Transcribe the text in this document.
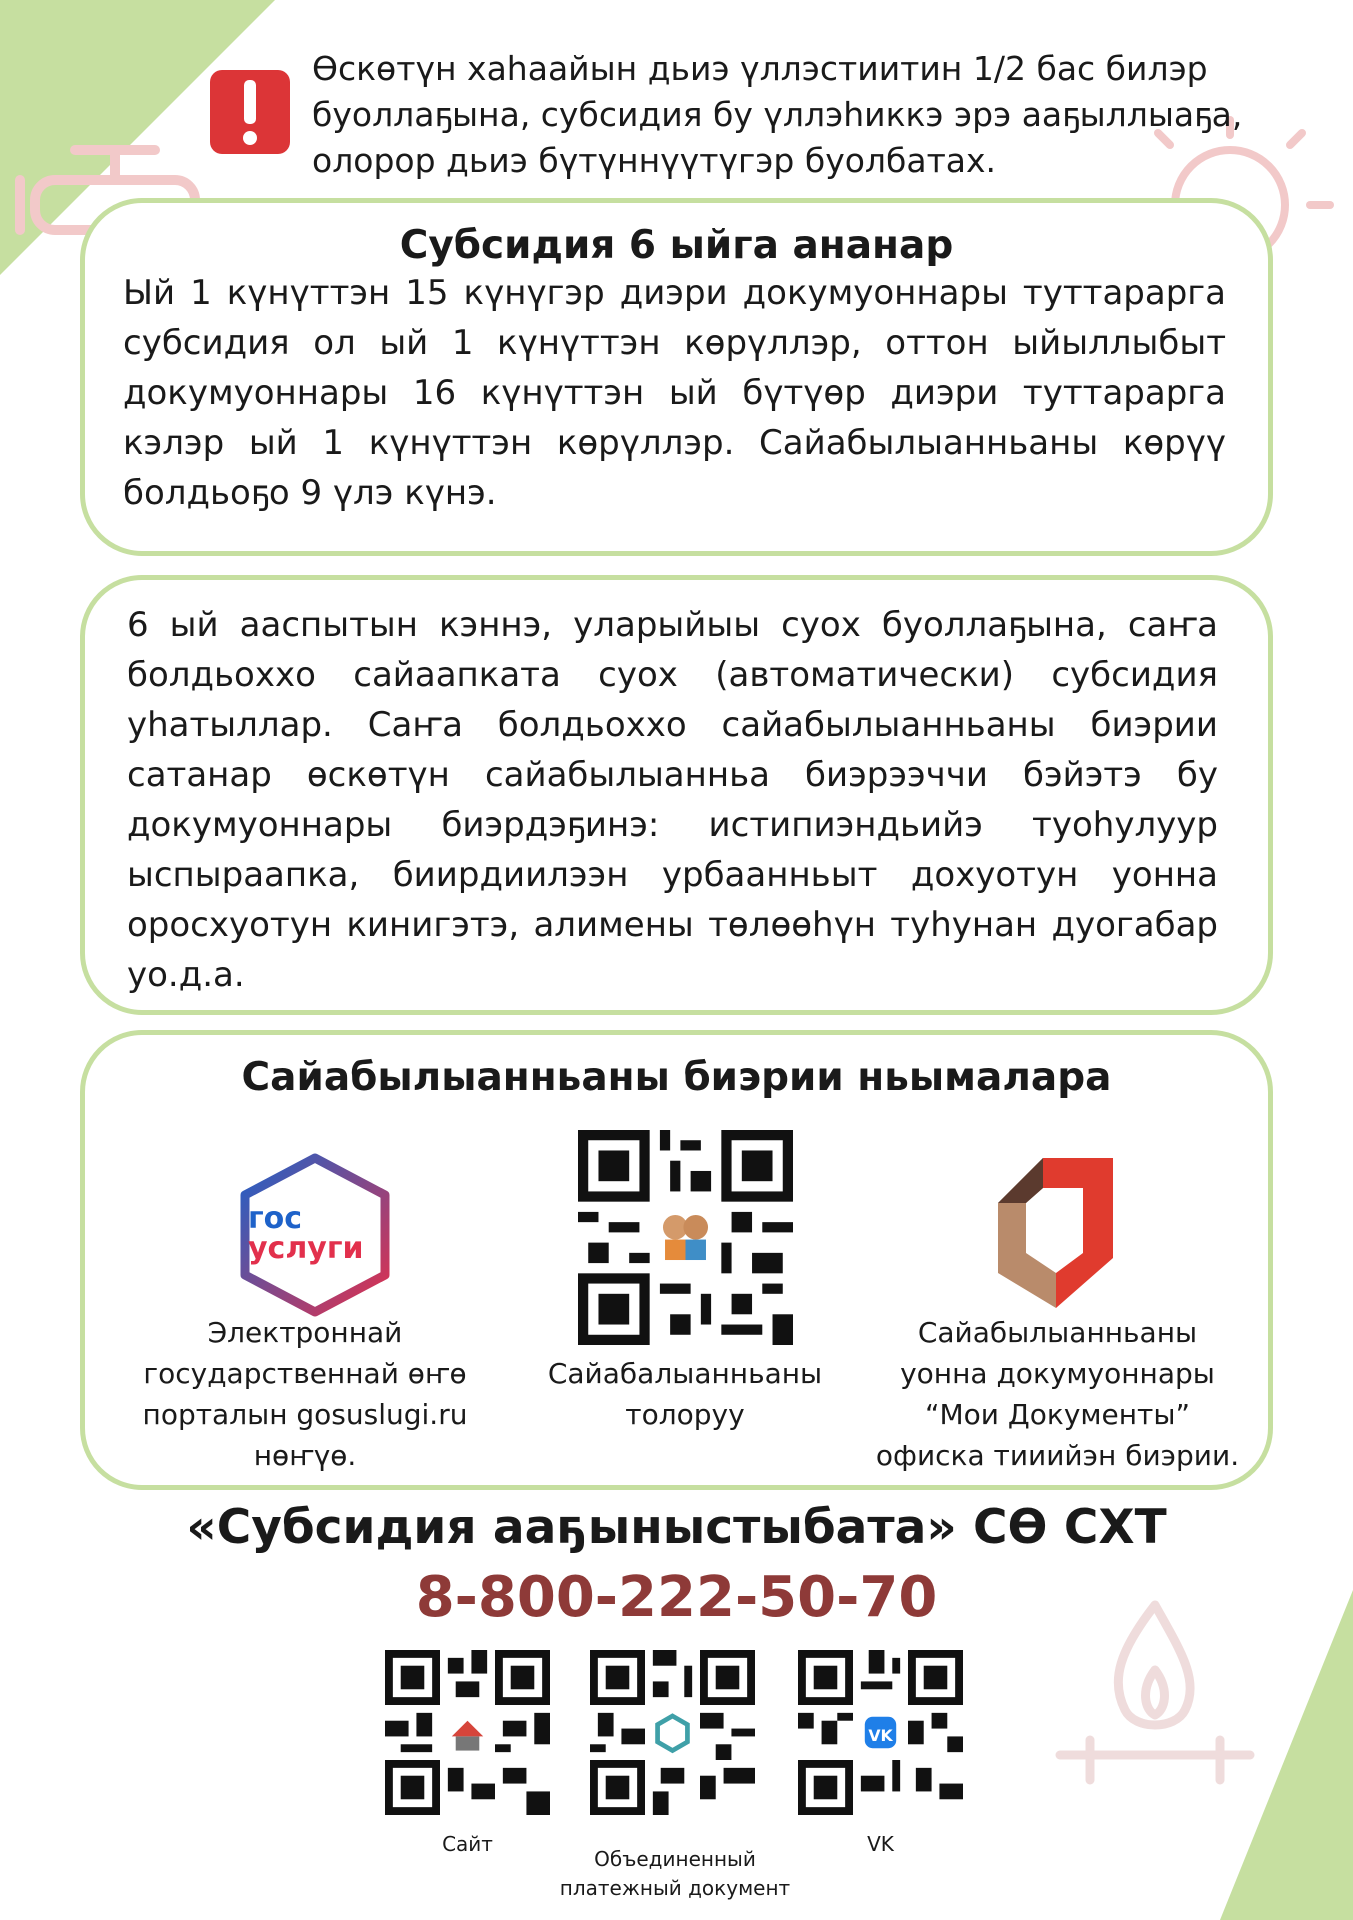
Өскөтүн хаһаайын дьиэ үллэстиитин 1/2 бас билэр буоллаҕына, субсидия бу үллэһиккэ эрэ ааҕыллыаҕа, олорор дьиэ бүтүннүүтүгэр буолбатах.
Субсидия 6 ыйга ананар
Ый 1 күнүттэн 15 күнүгэр диэри докумуоннары туттарарга субсидия ол ый 1 күнүттэн көрүллэр, оттон ыйыллыбыт докумуоннары 16 күнүттэн ый бүтүөр диэри туттарарга кэлэр ый 1 күнүттэн көрүллэр. Сайабылыанньаны көрүү болдьоҕо 9 үлэ күнэ.
6 ый ааспытын кэннэ, уларыйыы суох буоллаҕына, саҥа болдьоххо сайаапката суох (автоматически) субсидия уһатыллар. Саҥа болдьоххо сайабылыанньаны биэрии сатанар өскөтүн сайабылыанньа биэрээччи бэйэтэ бу докумуоннары биэрдэҕинэ: истипиэндьийэ туоһулуур ыспыраапка, биирдиилээн урбаанньыт дохуотун уонна оросхуотун кинигэтэ, алимены төлөөһүн туһунан дуогабар уо.д.а.
Сайабылыанньаны биэрии ньымалара
гос
услуги
Электроннай государственнай өҥө порталын gosuslugi.ru нөҥүө.
Сайабалыанньаны толоруу
Сайабылыанньаны уонна докумуоннары “Мои Документы” офиска тииийэн биэрии.
«Субсидия ааҕыныстыбата» СӨ СХТ
8-800-222-50-70
Сайт
Объединенный платежный документ
VK
VK
